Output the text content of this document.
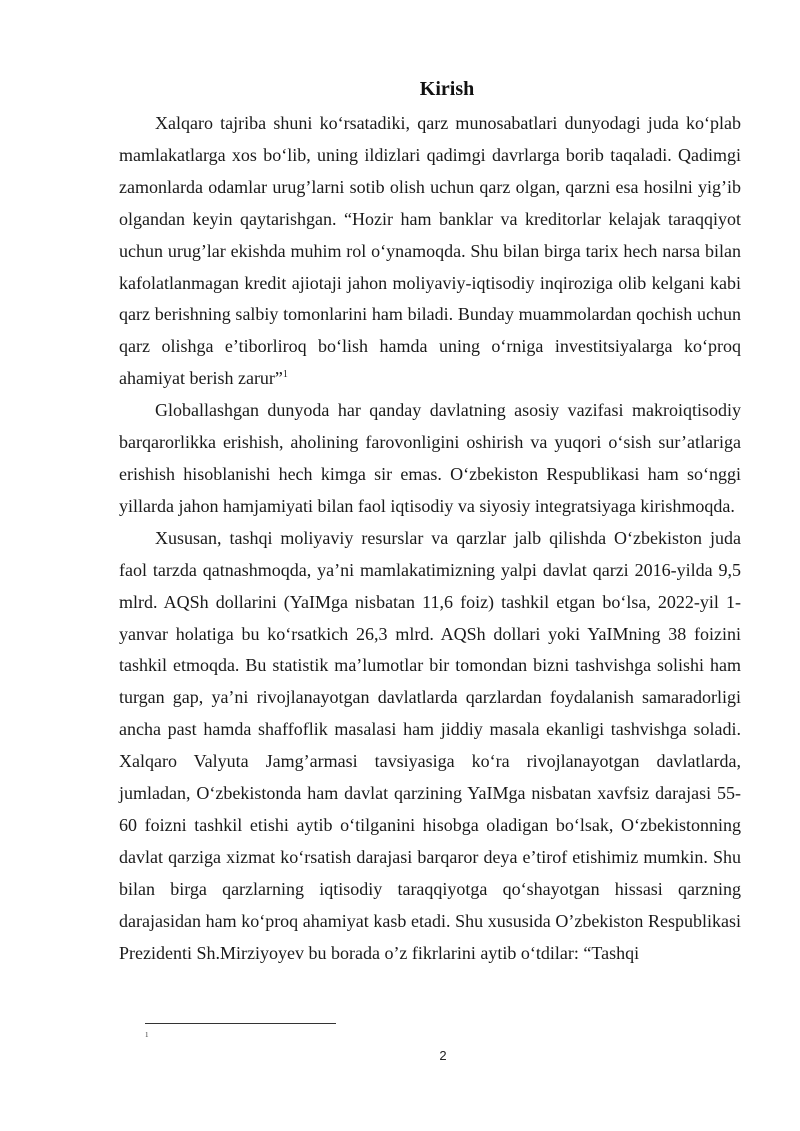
Kirish

Xalqaro tajriba shuni ko‘rsatadiki, qarz munosabatlari dunyodagi juda ko‘plab mamlakatlarga xos bo‘lib, uning ildizlari qadimgi davrlarga borib taqaladi. Qadimgi zamonlarda odamlar urug’larni sotib olish uchun qarz olgan, qarzni esa hosilni yig’ib olgandan keyin qaytarishgan. “Hozir ham banklar va kreditorlar kelajak taraqqiyot uchun urug’lar ekishda muhim rol o‘ynamoqda. Shu bilan birga tarix hech narsa bilan kafolatlanmagan kredit ajiotaji jahon moliyaviy-iqtisodiy inqiroziga olib kelgani kabi qarz berishning salbiy tomonlarini ham biladi. Bunday muammolardan qochish uchun qarz olishga e’tiborliroq bo‘lish hamda uning o‘rniga investitsiyalarga ko‘proq ahamiyat berish zarur”$^1$

Globallashgan dunyoda har qanday davlatning asosiy vazifasi makroiqtisodiy barqarorlikka erishish, aholining farovonligini oshirish va yuqori o‘sish sur’atlariga erishish hisoblanishi hech kimga sir emas. O‘zbekiston Respublikasi ham so‘nggi yillarda jahon hamjamiyati bilan faol iqtisodiy va siyosiy integratsiyaga kirishmoqda.

Xususan, tashqi moliyaviy resurslar va qarzlar jalb qilishda O‘zbekiston juda faol tarzda qatnashmoqda, ya’ni mamlakatimizning yalpi davlat qarzi 2016-yilda 9,5 mlrd. AQSh dollarini (YaIMga nisbatan 11,6 foiz) tashkil etgan bo‘lsa, 2022-yil 1-yanvar holatiga bu ko‘rsatkich 26,3 mlrd. AQSh dollari yoki YaIMning 38 foizini tashkil etmoqda. Bu statistik ma’lumotlar bir tomondan bizni tashvishga solishi ham turgan gap, ya’ni rivojlanayotgan davlatlarda qarzlardan foydalanish samaradorligi ancha past hamda shaffoflik masalasi ham jiddiy masala ekanligi tashvishga soladi. Xalqaro Valyuta Jamg’armasi tavsiyasiga ko‘ra rivojlanayotgan davlatlarda, jumladan, O‘zbekistonda ham davlat qarzining YaIMga nisbatan xavfsiz darajasi 55-60 foizni tashkil etishi aytib o‘tilganini hisobga oladigan bo‘lsak, O‘zbekistonning davlat qarziga xizmat ko‘rsatish darajasi barqaror deya e’tirof etishimiz mumkin. Shu bilan birga qarzlarning iqtisodiy taraqqiyotga qo‘shayotgan hissasi qarzning darajasidan ham ko‘proq ahamiyat kasb etadi. Shu xususida O’zbekiston Respublikasi Prezidenti Sh.Mirziyoyev bu borada o’z fikrlarini aytib o‘tdilar: “Tashqi

1
2
